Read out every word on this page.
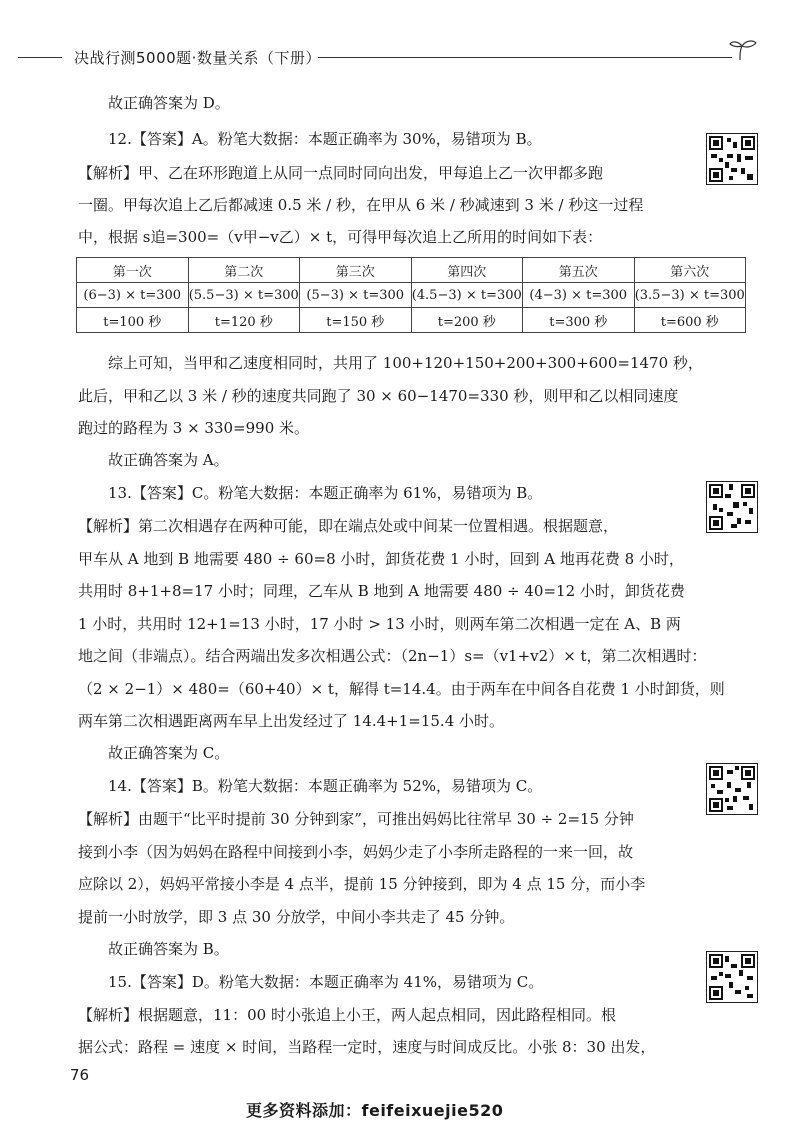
决战行测5000题·数量关系（下册）
故正确答案为 D。
12.【答案】A。粉笔大数据：本题正确率为 30%，易错项为 B。
【解析】甲、乙在环形跑道上从同一点同时同向出发，甲每追上乙一次甲都多跑
一圈。甲每次追上乙后都减速 0.5 米 / 秒，在甲从 6 米 / 秒减速到 3 米 / 秒这一过程
中，根据 s追=300=（v甲−v乙）× t，可得甲每次追上乙所用的时间如下表：
第一次	第二次	第三次	第四次	第五次	第六次
(6−3) × t=300	(5.5−3) × t=300	(5−3) × t=300	(4.5−3) × t=300	(4−3) × t=300	(3.5−3) × t=300
t=100 秒	t=120 秒	t=150 秒	t=200 秒	t=300 秒	t=600 秒
综上可知，当甲和乙速度相同时，共用了 100+120+150+200+300+600=1470 秒，
此后，甲和乙以 3 米 / 秒的速度共同跑了 30 × 60−1470=330 秒，则甲和乙以相同速度
跑过的路程为 3 × 330=990 米。
故正确答案为 A。
13.【答案】C。粉笔大数据：本题正确率为 61%，易错项为 B。
【解析】第二次相遇存在两种可能，即在端点处或中间某一位置相遇。根据题意，
甲车从 A 地到 B 地需要 480 ÷ 60=8 小时，卸货花费 1 小时，回到 A 地再花费 8 小时，
共用时 8+1+8=17 小时；同理，乙车从 B 地到 A 地需要 480 ÷ 40=12 小时，卸货花费
1 小时，共用时 12+1=13 小时，17 小时 > 13 小时，则两车第二次相遇一定在 A、B 两
地之间（非端点）。结合两端出发多次相遇公式：（2n−1）s=（v1+v2）× t，第二次相遇时：
（2 × 2−1）× 480=（60+40）× t，解得 t=14.4。由于两车在中间各自花费 1 小时卸货，则
两车第二次相遇距离两车早上出发经过了 14.4+1=15.4 小时。
故正确答案为 C。
14.【答案】B。粉笔大数据：本题正确率为 52%，易错项为 C。
【解析】由题干“比平时提前 30 分钟到家”，可推出妈妈比往常早 30 ÷ 2=15 分钟
接到小李（因为妈妈在路程中间接到小李，妈妈少走了小李所走路程的一来一回，故
应除以 2），妈妈平常接小李是 4 点半，提前 15 分钟接到，即为 4 点 15 分，而小李
提前一小时放学，即 3 点 30 分放学，中间小李共走了 45 分钟。
故正确答案为 B。
15.【答案】D。粉笔大数据：本题正确率为 41%，易错项为 C。
【解析】根据题意，11：00 时小张追上小王，两人起点相同，因此路程相同。根
据公式：路程 = 速度 × 时间，当路程一定时，速度与时间成反比。小张 8：30 出发，
76
更多资料添加：feifeixuejie520
